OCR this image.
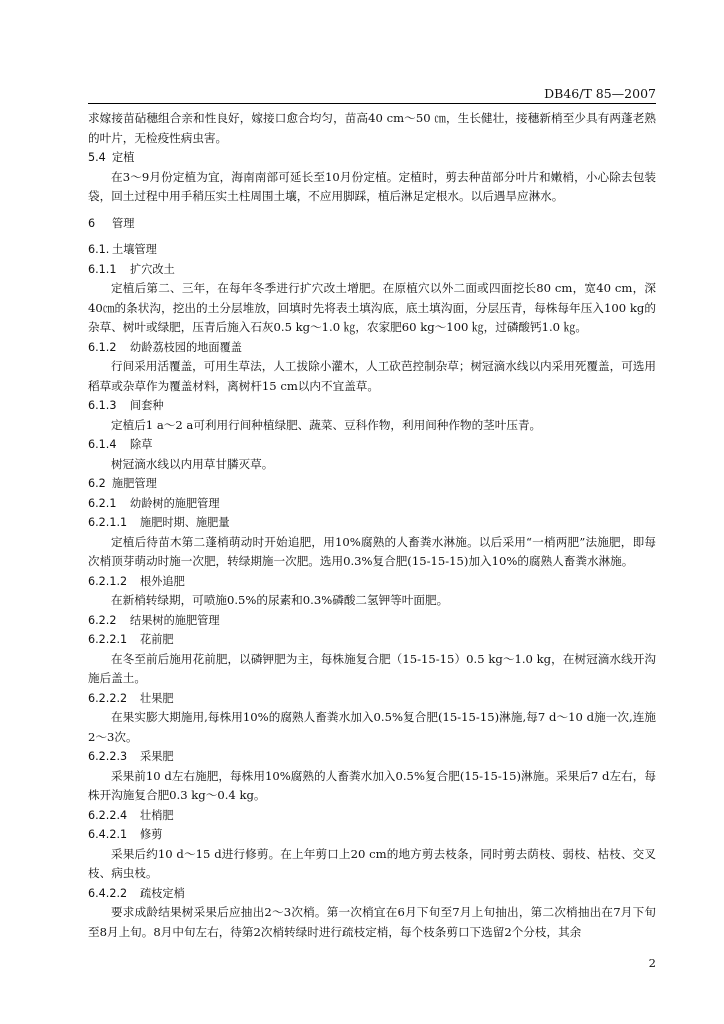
DB46/T 85—2007

求嫁接苗砧穗组合亲和性良好，嫁接口愈合均匀，苗高40 cm～50 ㎝，生长健壮，接穗新梢至少具有两蓬老熟的叶片，无检疫性病虫害。

5.4 定植

在3～9月份定植为宜，海南南部可延长至10月份定植。定植时，剪去种苗部分叶片和嫩梢，小心除去包装袋，回土过程中用手稍压实土柱周围土壤，不应用脚踩，植后淋足定根水。以后遇旱应淋水。

6 管理
6.1. 土壤管理
6.1.1 扩穴改土

定植后第二、三年，在每年冬季进行扩穴改土增肥。在原植穴以外二面或四面挖长80 cm，宽40 cm，深40㎝的条状沟，挖出的土分层堆放，回填时先将表土填沟底，底土填沟面，分层压青，每株每年压入100 kg的杂草、树叶或绿肥，压青后施入石灰0.5 kg～1.0 ㎏，农家肥60 kg～100 ㎏，过磷酸钙1.0 ㎏。

6.1.2 幼龄荔枝园的地面覆盖

行间采用活覆盖，可用生草法，人工拔除小灌木，人工砍芭控制杂草；树冠滴水线以内采用死覆盖，可选用稻草或杂草作为覆盖材料，离树杆15 cm以内不宜盖草。

6.1.3 间套种

定植后1 a～2 a可利用行间种植绿肥、蔬菜、豆科作物，利用间种作物的茎叶压青。

6.1.4 除草

树冠滴水线以内用草甘膦灭草。

6.2 施肥管理
6.2.1 幼龄树的施肥管理
6.2.1.1 施肥时期、施肥量

定植后待苗木第二蓬梢萌动时开始追肥，用10%腐熟的人畜粪水淋施。以后采用“一梢两肥”法施肥，即每次梢顶芽萌动时施一次肥，转绿期施一次肥。选用0.3%复合肥(15-15-15)加入10%的腐熟人畜粪水淋施。

6.2.1.2 根外追肥

在新梢转绿期，可喷施0.5%的尿素和0.3%磷酸二氢钾等叶面肥。

6.2.2 结果树的施肥管理
6.2.2.1 花前肥

在冬至前后施用花前肥，以磷钾肥为主，每株施复合肥（15-15-15）0.5 kg～1.0 kg，在树冠滴水线开沟施后盖土。

6.2.2.2 壮果肥

在果实膨大期施用,每株用10%的腐熟人畜粪水加入0.5%复合肥(15-15-15)淋施,每7 d～10 d施一次,连施2～3次。

6.2.2.3 采果肥

采果前10 d左右施肥，每株用10%腐熟的人畜粪水加入0.5%复合肥(15-15-15)淋施。采果后7 d左右，每株开沟施复合肥0.3 kg～0.4 kg。

6.2.2.4 壮梢肥
6.4.2.1 修剪

采果后约10 d～15 d进行修剪。在上年剪口上20 cm的地方剪去枝条，同时剪去荫枝、弱枝、枯枝、交叉枝、病虫枝。

6.4.2.2 疏枝定梢

要求成龄结果树采果后应抽出2～3次梢。第一次梢宜在6月下旬至7月上旬抽出，第二次梢抽出在7月下旬至8月上旬。8月中旬左右，待第2次梢转绿时进行疏枝定梢，每个枝条剪口下选留2个分枝，其余

2
